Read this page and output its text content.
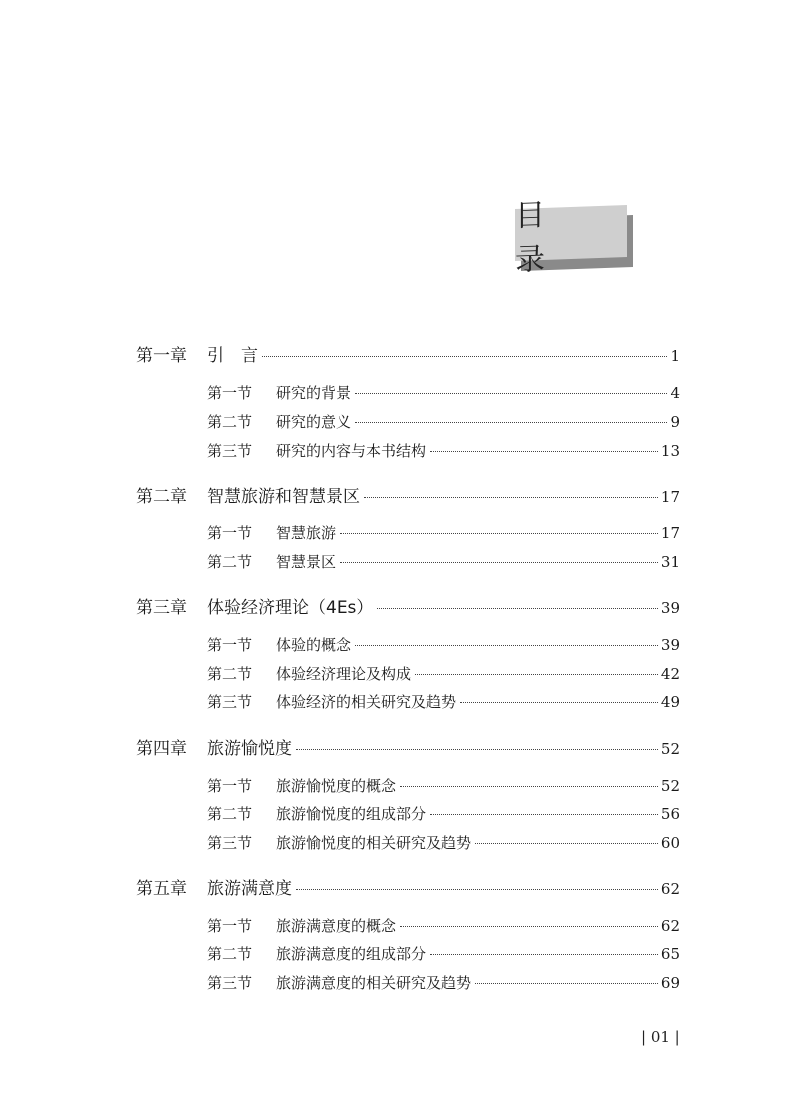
目 录
第一章	引　言	1
第一节	研究的背景	4
第二节	研究的意义	9
第三节	研究的内容与本书结构	13
第二章	智慧旅游和智慧景区	17
第一节	智慧旅游	17
第二节	智慧景区	31
第三章	体验经济理论（4Es）	39
第一节	体验的概念	39
第二节	体验经济理论及构成	42
第三节	体验经济的相关研究及趋势	49
第四章	旅游愉悦度	52
第一节	旅游愉悦度的概念	52
第二节	旅游愉悦度的组成部分	56
第三节	旅游愉悦度的相关研究及趋势	60
第五章	旅游满意度	62
第一节	旅游满意度的概念	62
第二节	旅游满意度的组成部分	65
第三节	旅游满意度的相关研究及趋势	69
| 01 |
